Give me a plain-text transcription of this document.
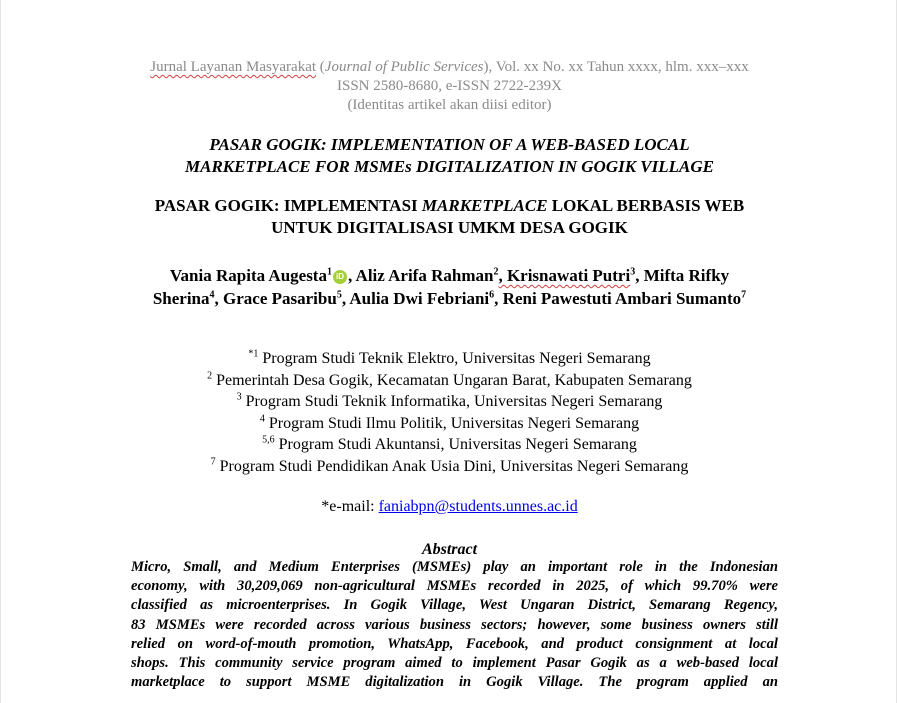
Jurnal Layanan Masyarakat (Journal of Public Services), Vol. xx No. xx Tahun xxxx, hlm. xxx–xxx
ISSN 2580-8680, e-ISSN 2722-239X
(Identitas artikel akan diisi editor)
PASAR GOGIK: IMPLEMENTATION OF A WEB-BASED LOCAL
MARKETPLACE FOR MSMEs DIGITALIZATION IN GOGIK VILLAGE
PASAR GOGIK: IMPLEMENTASI MARKETPLACE LOKAL BERBASIS WEB
UNTUK DIGITALISASI UMKM DESA GOGIK
Vania Rapita Augesta$^1$ iD , Aliz Arifa Rahman$^2$, Krisnawati Putri$^3$, Mifta Rifky
Sherina$^4$, Grace Pasaribu$^5$, Aulia Dwi Febriani$^6$, Reni Pawestuti Ambari Sumanto$^7$
$^{*1}$ Program Studi Teknik Elektro, Universitas Negeri Semarang
$^2$ Pemerintah Desa Gogik, Kecamatan Ungaran Barat, Kabupaten Semarang
$^3$ Program Studi Teknik Informatika, Universitas Negeri Semarang
$^4$ Program Studi Ilmu Politik, Universitas Negeri Semarang
$^{5,6}$ Program Studi Akuntansi, Universitas Negeri Semarang
$^7$ Program Studi Pendidikan Anak Usia Dini, Universitas Negeri Semarang
*e-mail: faniabpn@students.unnes.ac.id
Abstract
Micro, Small, and Medium Enterprises (MSMEs) play an important role in the Indonesian
economy, with 30,209,069 non-agricultural MSMEs recorded in 2025, of which 99.70% were
classified as microenterprises. In Gogik Village, West Ungaran District, Semarang Regency,
83 MSMEs were recorded across various business sectors; however, some business owners still
relied on word-of-mouth promotion, WhatsApp, Facebook, and product consignment at local
shops. This community service program aimed to implement Pasar Gogik as a web-based local
marketplace to support MSME digitalization in Gogik Village. The program applied an
